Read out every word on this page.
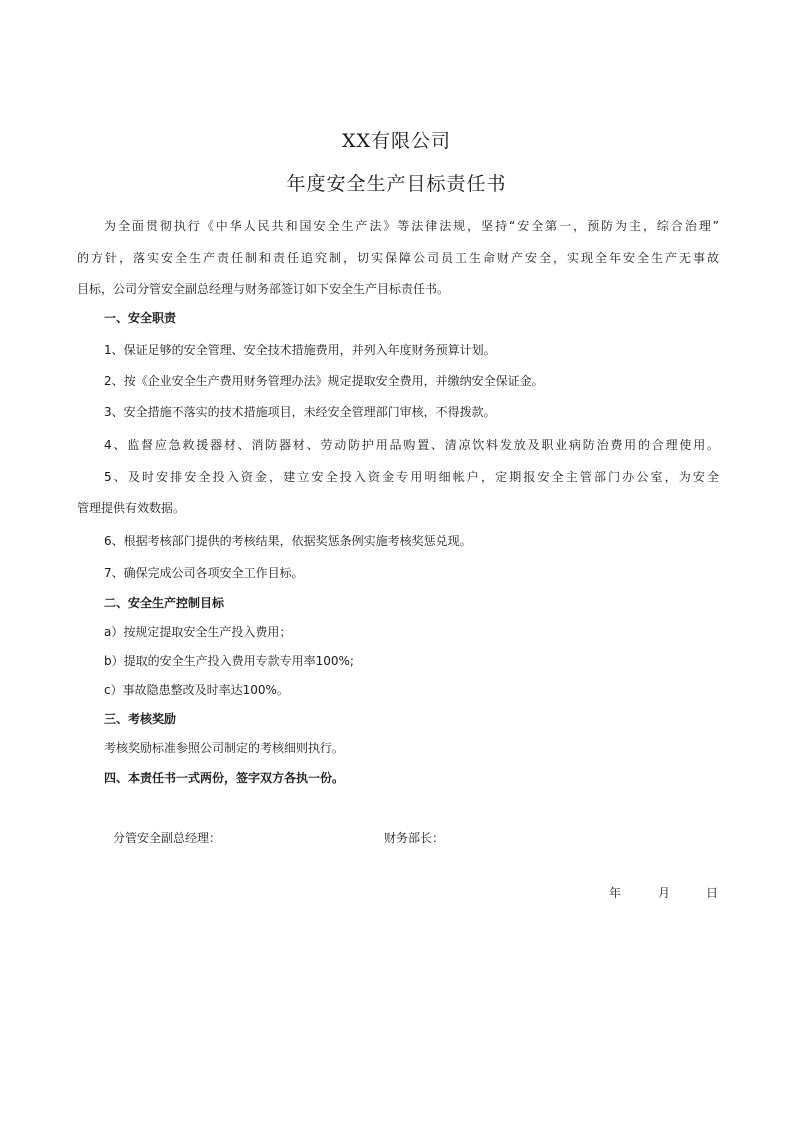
XX有限公司
年度安全生产目标责任书
为全面贯彻执行《中华人民共和国安全生产法》等法律法规，坚持“安全第一，预防为主，综合治理”
的方针，落实安全生产责任制和责任追究制，切实保障公司员工生命财产安全，实现全年安全生产无事故
目标，公司分管安全副总经理与财务部签订如下安全生产目标责任书。
一、安全职责
1、保证足够的安全管理、安全技术措施费用，并列入年度财务预算计划。
2、按《企业安全生产费用财务管理办法》规定提取安全费用，并缴纳安全保证金。
3、安全措施不落实的技术措施项目，未经安全管理部门审核，不得拨款。
4、监督应急救援器材、消防器材、劳动防护用品购置、清凉饮料发放及职业病防治费用的合理使用。
5、及时安排安全投入资金，建立安全投入资金专用明细帐户，定期报安全主管部门办公室，为安全
管理提供有效数据。
6、根据考核部门提供的考核结果，依据奖惩条例实施考核奖惩兑现。
7、确保完成公司各项安全工作目标。
二、安全生产控制目标
a）按规定提取安全生产投入费用；
b）提取的安全生产投入费用专款专用率100%;
c）事故隐患整改及时率达100%。
三、考核奖励
考核奖励标准参照公司制定的考核细则执行。
四、本责任书一式两份，签字双方各执一份。
分管安全副总经理：	财务部长：
年	月	日
